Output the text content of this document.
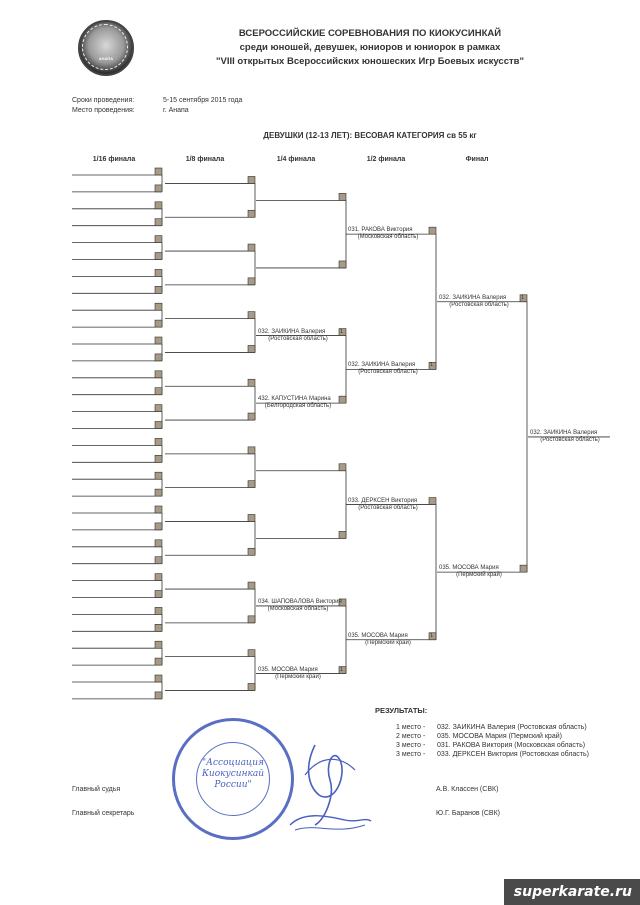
АНАПА
ВСЕРОССИЙСКИЕ СОРЕВНОВАНИЯ ПО КИОКУСИНКАЙ
среди юношей, девушек, юниоров и юниорок в рамках
"VIII открытых Всероссийских юношеских Игр Боевых искусств"
Сроки проведения:	5-15 сентября 2015 года
Место проведения:	г. Анапа
ДЕВУШКИ (12-13 ЛЕТ): ВЕСОВАЯ КАТЕГОРИЯ св 55 кг
1/16 финала	1/8 финала	1/4 финала	1/2 финала	Финал
031. РАКОВА Виктория
(Московская область)
032. ЗАИКИНА Валерия
(Ростовская область)
1
033. ДЕРКСЕН Виктория
(Ростовская область)
035. МОСОВА Мария
(Пермский край)
1
032. ЗАИКИНА Валерия
(Ростовская область)
1
432. КАПУСТИНА Марина
(Белгородская область)
034. ШАПОВАЛОВА Виктория
(Московская область)
035. МОСОВА Мария
(Пермский край)
1
032. ЗАИКИНА Валерия
(Ростовская область)
1
035. МОСОВА Мария
(Пермский край)
032. ЗАИКИНА Валерия
(Ростовская область)
РЕЗУЛЬТАТЫ:
1 место - 032. ЗАИКИНА Валерия (Ростовская область)
2 место - 035. МОСОВА Мария (Пермский край)
3 место - 031. РАКОВА Виктория (Московская область)
3 место - 033. ДЕРКСЕН Виктория (Ростовская область)
Главный судья	А.В. Классен (СВК)
Главный секретарь	Ю.Г. Баранов (СВК)
"Ассоциация Киокусинкай России"
superkarate.ru
